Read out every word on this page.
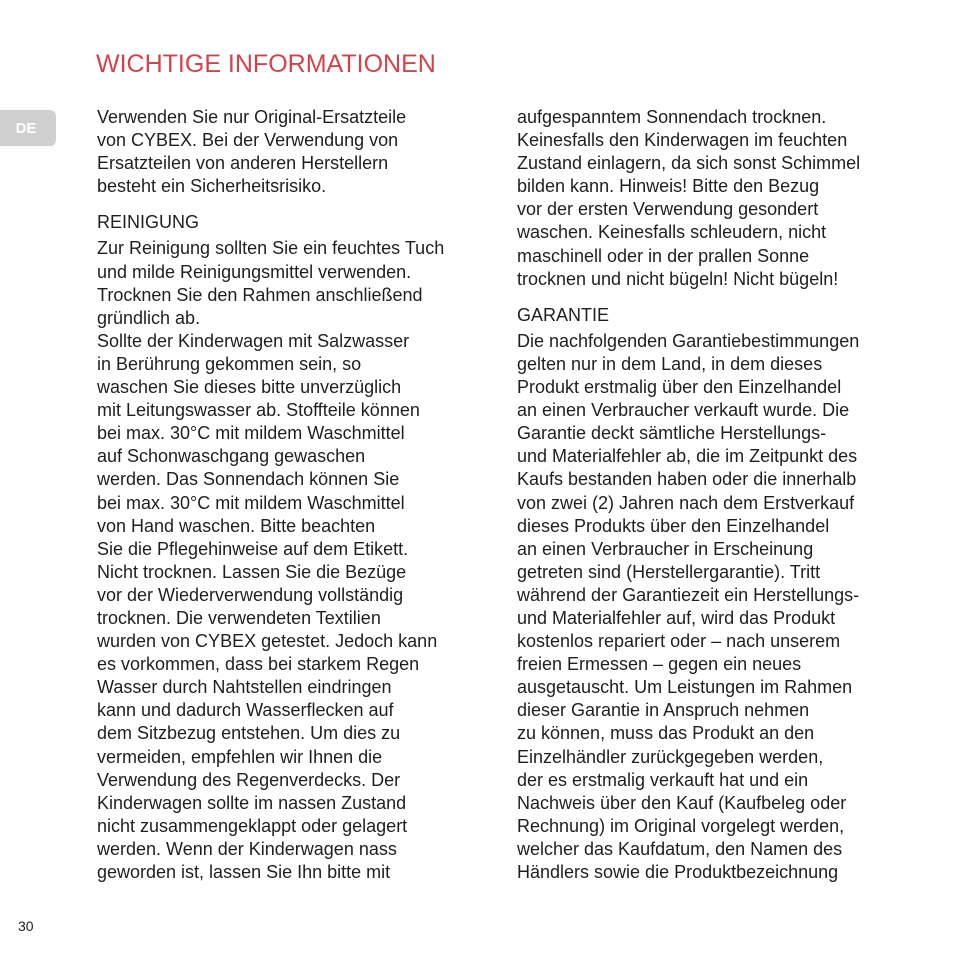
WICHTIGE INFORMATIONEN
DE
Verwenden Sie nur Original-Ersatzteile
von CYBEX. Bei der Verwendung von
Ersatzteilen von anderen Herstellern
besteht ein Sicherheitsrisiko.
REINIGUNG
Zur Reinigung sollten Sie ein feuchtes Tuch
und milde Reinigungsmittel verwenden.
Trocknen Sie den Rahmen anschließend
gründlich ab.
Sollte der Kinderwagen mit Salzwasser
in Berührung gekommen sein, so
waschen Sie dieses bitte unverzüglich
mit Leitungswasser ab. Stoffteile können
bei max. 30°C mit mildem Waschmittel
auf Schonwaschgang gewaschen
werden. Das Sonnendach können Sie
bei max. 30°C mit mildem Waschmittel
von Hand waschen. Bitte beachten
Sie die Pflegehinweise auf dem Etikett.
Nicht trocknen. Lassen Sie die Bezüge
vor der Wiederverwendung vollständig
trocknen. Die verwendeten Textilien
wurden von CYBEX getestet. Jedoch kann
es vorkommen, dass bei starkem Regen
Wasser durch Nahtstellen eindringen
kann und dadurch Wasserflecken auf
dem Sitzbezug entstehen. Um dies zu
vermeiden, empfehlen wir Ihnen die
Verwendung des Regenverdecks. Der
Kinderwagen sollte im nassen Zustand
nicht zusammengeklappt oder gelagert
werden. Wenn der Kinderwagen nass
geworden ist, lassen Sie Ihn bitte mit
aufgespanntem Sonnendach trocknen.
Keinesfalls den Kinderwagen im feuchten
Zustand einlagern, da sich sonst Schimmel
bilden kann. Hinweis! Bitte den Bezug
vor der ersten Verwendung gesondert
waschen. Keinesfalls schleudern, nicht
maschinell oder in der prallen Sonne
trocknen und nicht bügeln! Nicht bügeln!
GARANTIE
Die nachfolgenden Garantiebestimmungen
gelten nur in dem Land, in dem dieses
Produkt erstmalig über den Einzelhandel
an einen Verbraucher verkauft wurde. Die
Garantie deckt sämtliche Herstellungs-
und Materialfehler ab, die im Zeitpunkt des
Kaufs bestanden haben oder die innerhalb
von zwei (2) Jahren nach dem Erstverkauf
dieses Produkts über den Einzelhandel
an einen Verbraucher in Erscheinung
getreten sind (Herstellergarantie). Tritt
während der Garantiezeit ein Herstellungs-
und Materialfehler auf, wird das Produkt
kostenlos repariert oder – nach unserem
freien Ermessen – gegen ein neues
ausgetauscht. Um Leistungen im Rahmen
dieser Garantie in Anspruch nehmen
zu können, muss das Produkt an den
Einzelhändler zurückgegeben werden,
der es erstmalig verkauft hat und ein
Nachweis über den Kauf (Kaufbeleg oder
Rechnung) im Original vorgelegt werden,
welcher das Kaufdatum, den Namen des
Händlers sowie die Produktbezeichnung
30
